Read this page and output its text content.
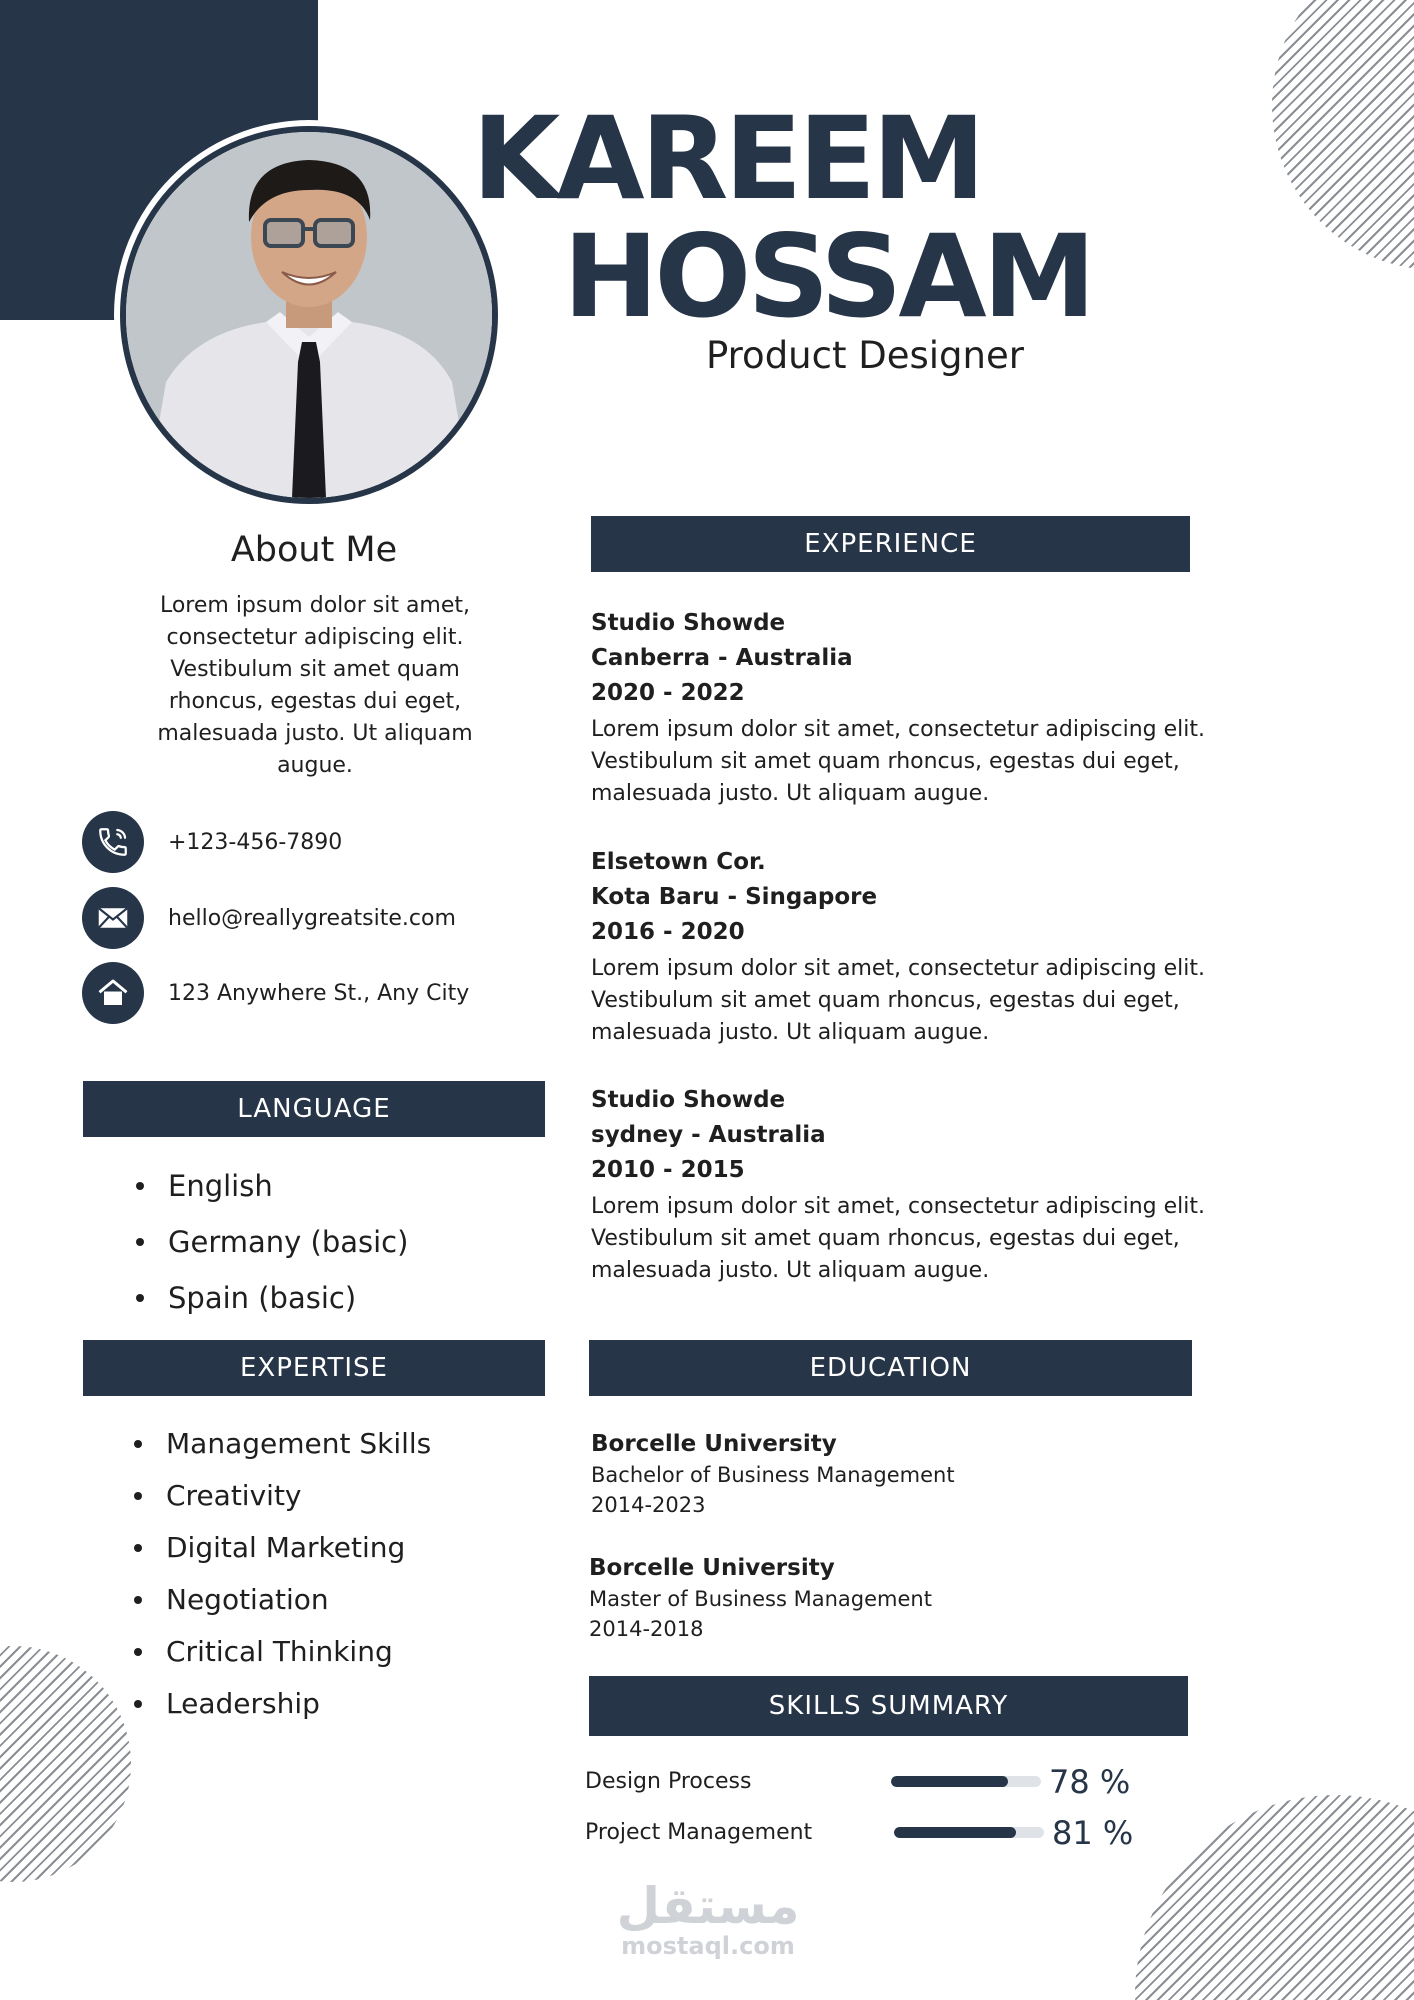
KAREEM
HOSSAM
Product Designer
About Me
Lorem ipsum dolor sit amet, consectetur adipiscing elit. Vestibulum sit amet quam rhoncus, egestas dui eget, malesuada justo. Ut aliquam augue.
+123-456-7890
hello@reallygreatsite.com
123 Anywhere St., Any City
LANGUAGE
English
Germany (basic)
Spain (basic)
EXPERTISE
Management Skills
Creativity
Digital Marketing
Negotiation
Critical Thinking
Leadership
EXPERIENCE
Studio Showde
Canberra - Australia
2020 - 2022
Lorem ipsum dolor sit amet, consectetur adipiscing elit. Vestibulum sit amet quam rhoncus, egestas dui eget, malesuada justo. Ut aliquam augue.
Elsetown Cor.
Kota Baru - Singapore
2016 - 2020
Lorem ipsum dolor sit amet, consectetur adipiscing elit. Vestibulum sit amet quam rhoncus, egestas dui eget, malesuada justo. Ut aliquam augue.
Studio Showde
sydney - Australia
2010 - 2015
Lorem ipsum dolor sit amet, consectetur adipiscing elit. Vestibulum sit amet quam rhoncus, egestas dui eget, malesuada justo. Ut aliquam augue.
EDUCATION
Borcelle University
Bachelor of Business Management
2014-2023
Borcelle University
Master of Business Management
2014-2018
SKILLS SUMMARY
Design Process	78 %
Project Management	81 %
مستقل
mostaql.com
